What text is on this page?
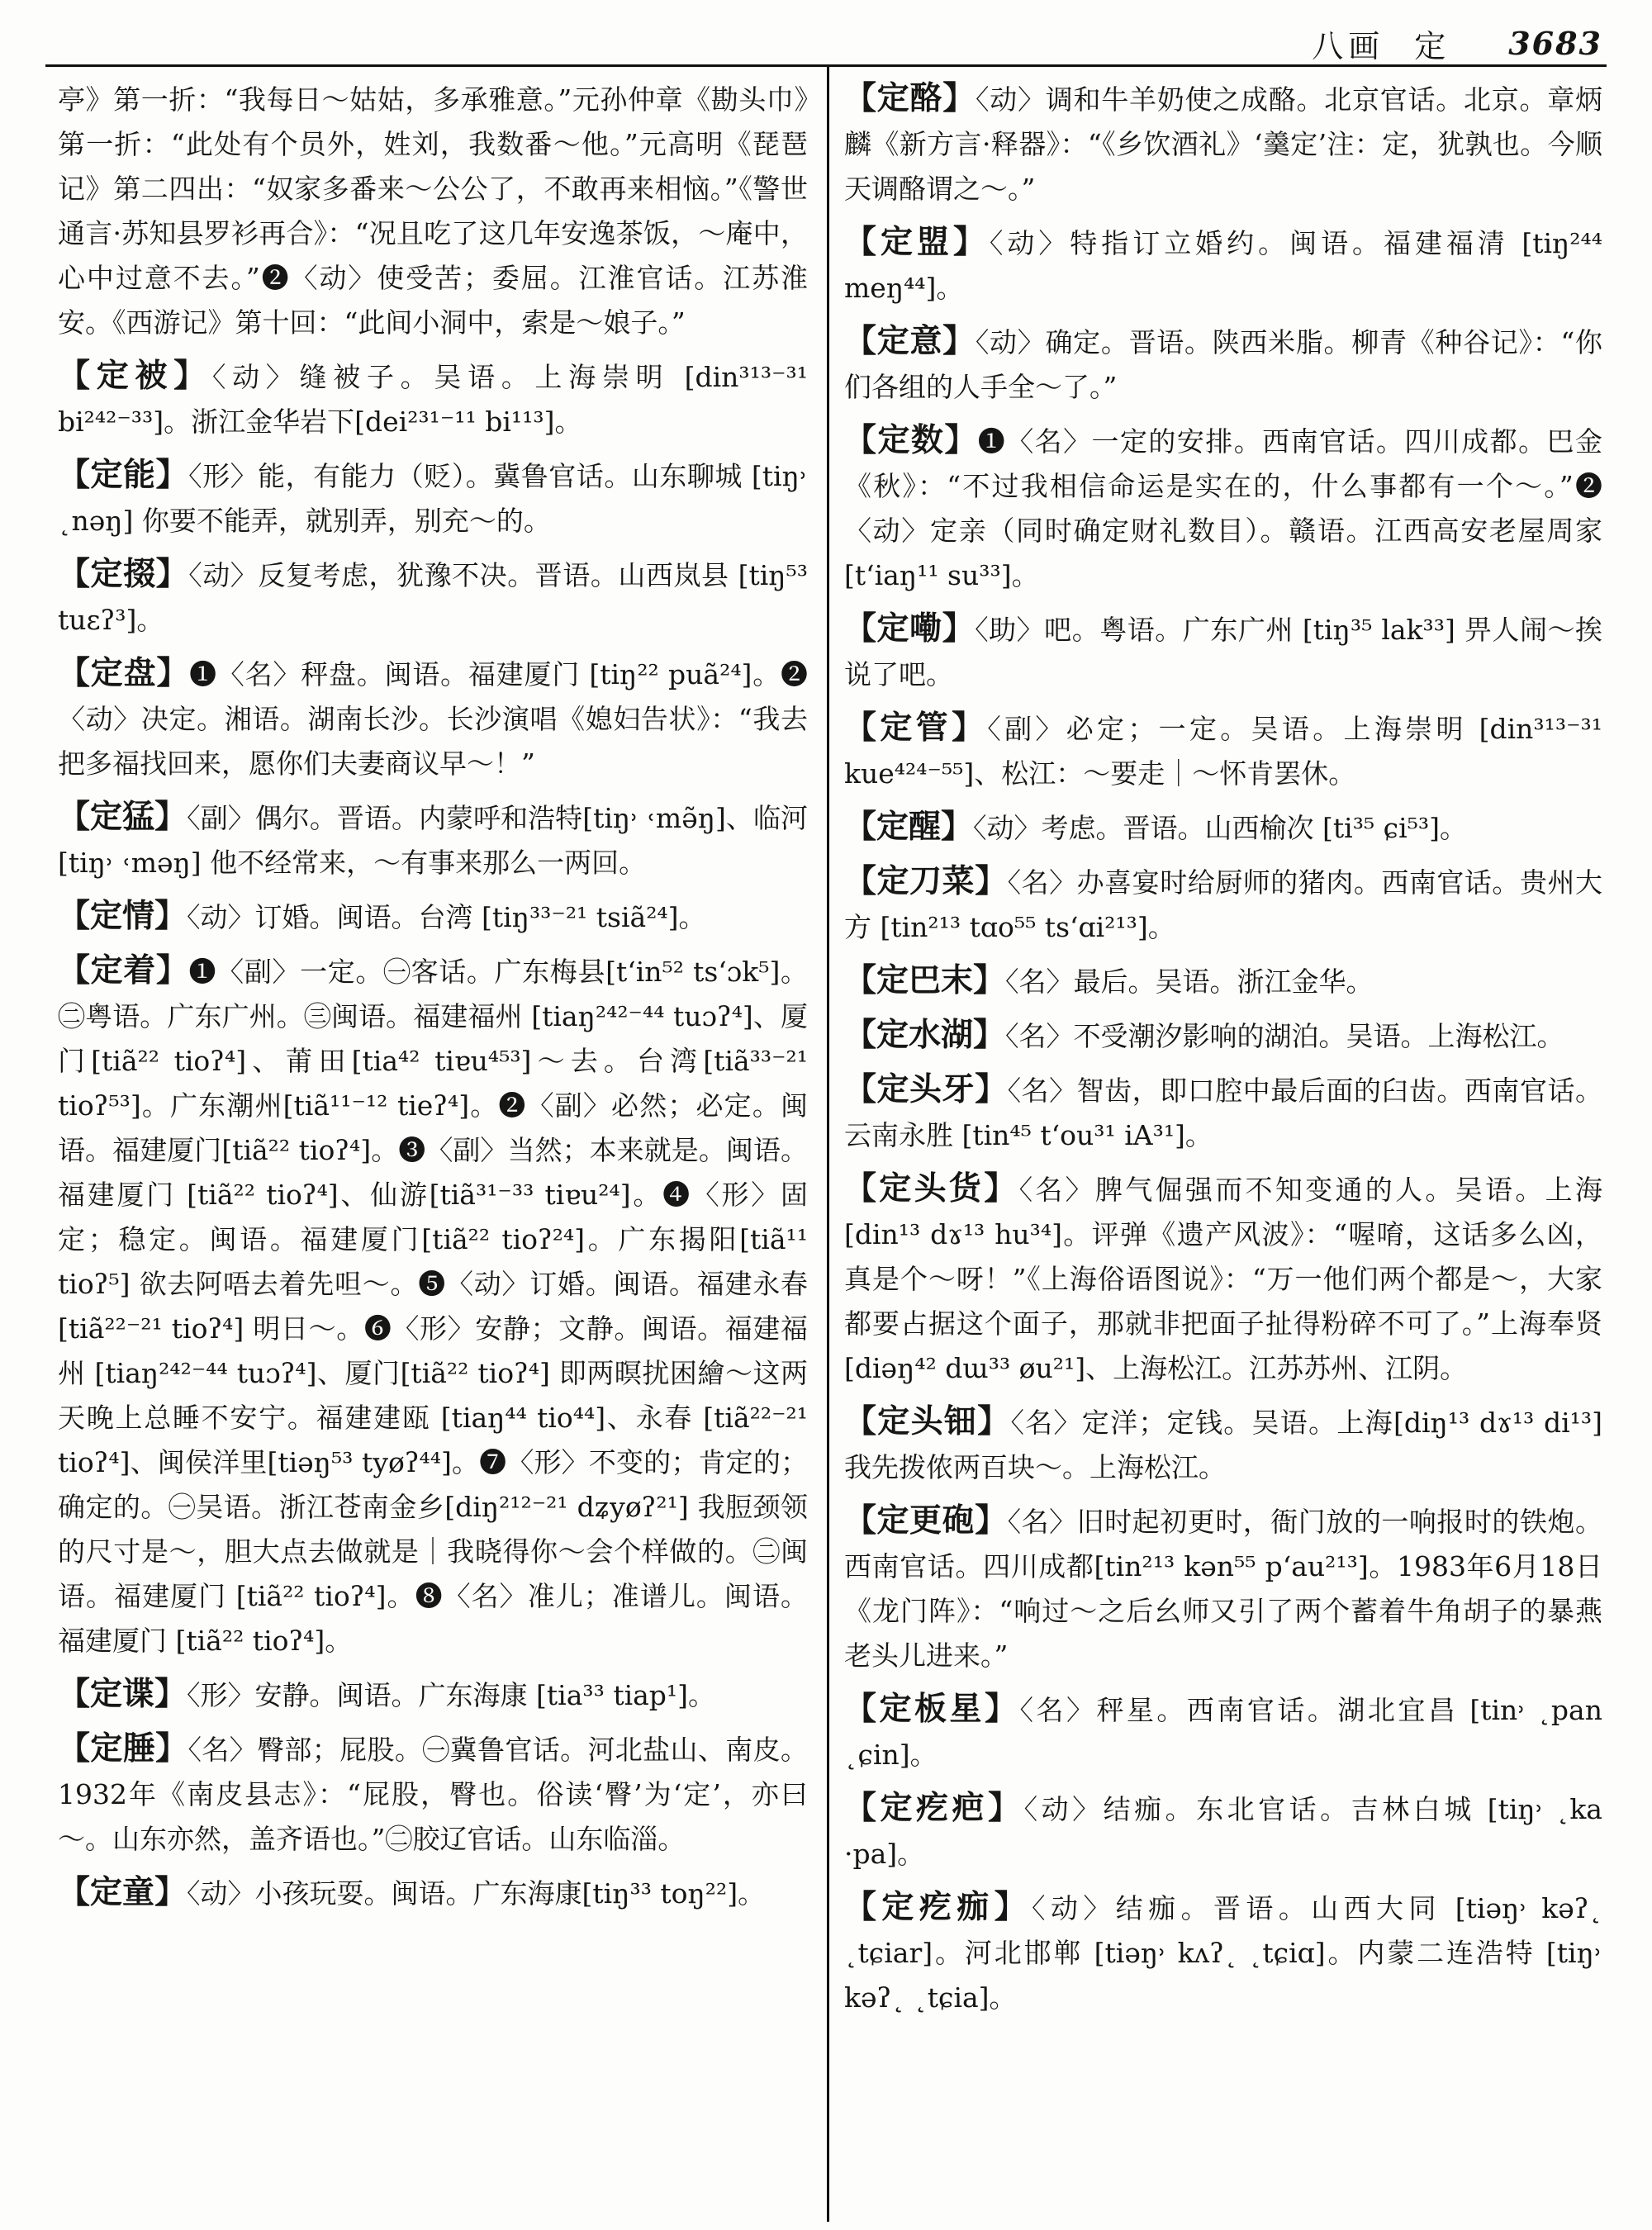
八画 定 3683
亭》第一折：“我每日～姑姑，多承雅意。”元孙仲章《勘头巾》第一折：“此处有个员外，姓刘，我数番～他。”元高明《琵琶记》第二四出：“奴家多番来～公公了，不敢再来相恼。”《警世通言·苏知县罗衫再合》：“况且吃了这几年安逸茶饭，～庵中，心中过意不去。”❷〈动〉使受苦；委屈。江淮官话。江苏淮安。《西游记》第十回：“此间小洞中，索是～娘子。”
【定被】〈动〉缝被子。吴语。上海崇明 [din³¹³⁻³¹ bi²⁴²⁻³³]。浙江金华岩下[dei²³¹⁻¹¹ bi¹¹³]。
【定能】〈形〉能，有能力（贬）。冀鲁官话。山东聊城 [tiŋ˒ ˛nəŋ] 你要不能弄，就别弄，别充～的。
【定掇】〈动〉反复考虑，犹豫不决。晋语。山西岚县 [tiŋ⁵³ tuɛʔ³]。
【定盘】❶〈名〉秤盘。闽语。福建厦门 [tiŋ²² puã²⁴]。❷〈动〉决定。湘语。湖南长沙。长沙演唱《媳妇告状》：“我去把多福找回来，愿你们夫妻商议早～！”
【定猛】〈副〉偶尔。晋语。内蒙呼和浩特[tiŋ˒ ˓mə̃ŋ]、临河 [tiŋ˒ ˓məŋ] 他不经常来，～有事来那么一两回。
【定情】〈动〉订婚。闽语。台湾 [tiŋ³³⁻²¹ tsiã²⁴]。
【定着】❶〈副〉一定。㊀客话。广东梅县[tʻin⁵² tsʻɔk⁵]。㊁粤语。广东广州。㊂闽语。福建福州 [tiaŋ²⁴²⁻⁴⁴ tuɔʔ⁴]、厦门[tiã²² tioʔ⁴]、莆田[tia⁴² tiɐu⁴⁵³]～去。台湾[tiã³³⁻²¹ tioʔ⁵³]。广东潮州[tiã¹¹⁻¹² tieʔ⁴]。❷〈副〉必然；必定。闽语。福建厦门[tiã²² tioʔ⁴]。❸〈副〉当然；本来就是。闽语。福建厦门 [tiã²² tioʔ⁴]、仙游[tiã³¹⁻³³ tiɐu²⁴]。❹〈形〉固定；稳定。闽语。福建厦门[tiã²² tioʔ²⁴]。广东揭阳[tiã¹¹ tioʔ⁵] 欲去阿唔去着先呾～。❺〈动〉订婚。闽语。福建永春 [tiã²²⁻²¹ tioʔ⁴] 明日～。❻〈形〉安静；文静。闽语。福建福州 [tiaŋ²⁴²⁻⁴⁴ tuɔʔ⁴]、厦门[tiã²² tioʔ⁴] 即两暝扰困繪～这两天晚上总睡不安宁。福建建瓯 [tiaŋ⁴⁴ tio⁴⁴]、永春 [tiã²²⁻²¹ tioʔ⁴]、闽侯洋里[tiəŋ⁵³ tyøʔ⁴⁴]。❼〈形〉不变的；肯定的；确定的。㊀吴语。浙江苍南金乡[diŋ²¹²⁻²¹ dʑyøʔ²¹] 我脰颈领的尺寸是～，胆大点去做就是｜我晓得你～会个样做的。㊁闽语。福建厦门 [tiã²² tioʔ⁴]。❽〈名〉准儿；准谱儿。闽语。福建厦门 [tiã²² tioʔ⁴]。
【定谍】〈形〉安静。闽语。广东海康 [tia³³ tiap¹]。
【定腄】〈名〉臀部；屁股。㊀冀鲁官话。河北盐山、南皮。1932年《南皮县志》：“屁股，臀也。俗读‘臀’为‘定’，亦曰～。山东亦然，盖齐语也。”㊁胶辽官话。山东临淄。
【定童】〈动〉小孩玩耍。闽语。广东海康[tiŋ³³ toŋ²²]。
【定酪】〈动〉调和牛羊奶使之成酪。北京官话。北京。章炳麟《新方言·释器》：“《乡饮酒礼》‘羹定’注：定，犹孰也。今顺天调酪谓之～。”
【定盟】〈动〉特指订立婚约。闽语。福建福清 [tiŋ²⁴⁴ meŋ⁴⁴]。
【定意】〈动〉确定。晋语。陕西米脂。柳青《种谷记》：“你们各组的人手全～了。”
【定数】❶〈名〉一定的安排。西南官话。四川成都。巴金《秋》：“不过我相信命运是实在的，什么事都有一个～。”❷〈动〉定亲（同时确定财礼数目）。赣语。江西高安老屋周家 [tʻiaŋ¹¹ su³³]。
【定嘞】〈助〉吧。粤语。广东广州 [tiŋ³⁵ lak³³] 畀人闹～挨说了吧。
【定管】〈副〉必定；一定。吴语。上海崇明 [din³¹³⁻³¹ kue⁴²⁴⁻⁵⁵]、松江：～要走｜～怀肯罢休。
【定醒】〈动〉考虑。晋语。山西榆次 [ti³⁵ ɕi⁵³]。
【定刀菜】〈名〉办喜宴时给厨师的猪肉。西南官话。贵州大方 [tin²¹³ tɑo⁵⁵ tsʻɑi²¹³]。
【定巴末】〈名〉最后。吴语。浙江金华。
【定水湖】〈名〉不受潮汐影响的湖泊。吴语。上海松江。
【定头牙】〈名〉智齿，即口腔中最后面的臼齿。西南官话。云南永胜 [tin⁴⁵ tʻou³¹ iA³¹]。
【定头货】〈名〉脾气倔强而不知变通的人。吴语。上海 [din¹³ dɤ¹³ hu³⁴]。评弹《遗产风波》：“喔唷，这话多么凶，真是个～呀！”《上海俗语图说》：“万一他们两个都是～，大家都要占据这个面子，那就非把面子扯得粉碎不可了。”上海奉贤[diəŋ⁴² dɯ³³ øu²¹]、上海松江。江苏苏州、江阴。
【定头钿】〈名〉定洋；定钱。吴语。上海[diŋ¹³ dɤ¹³ di¹³]我先拨侬两百块～。上海松江。
【定更砲】〈名〉旧时起初更时，衙门放的一响报时的铁炮。西南官话。四川成都[tin²¹³ kən⁵⁵ pʻau²¹³]。1983年6月18日《龙门阵》：“响过～之后幺师又引了两个蓄着牛角胡子的暴燕老头儿进来。”
【定板星】〈名〉秤星。西南官话。湖北宜昌 [tin˒ ˛pan ˛ɕin]。
【定疙疤】〈动〉结痂。东北官话。吉林白城 [tiŋ˒ ˛ka ·pa]。
【定疙痂】〈动〉结痂。晋语。山西大同 [tiəŋ˒ kəʔ˛ ˛tɕiar]。河北邯郸 [tiəŋ˒ kʌʔ˛ ˛tɕiɑ]。内蒙二连浩特 [tiŋ˒ kəʔ˛ ˛tɕia]。
